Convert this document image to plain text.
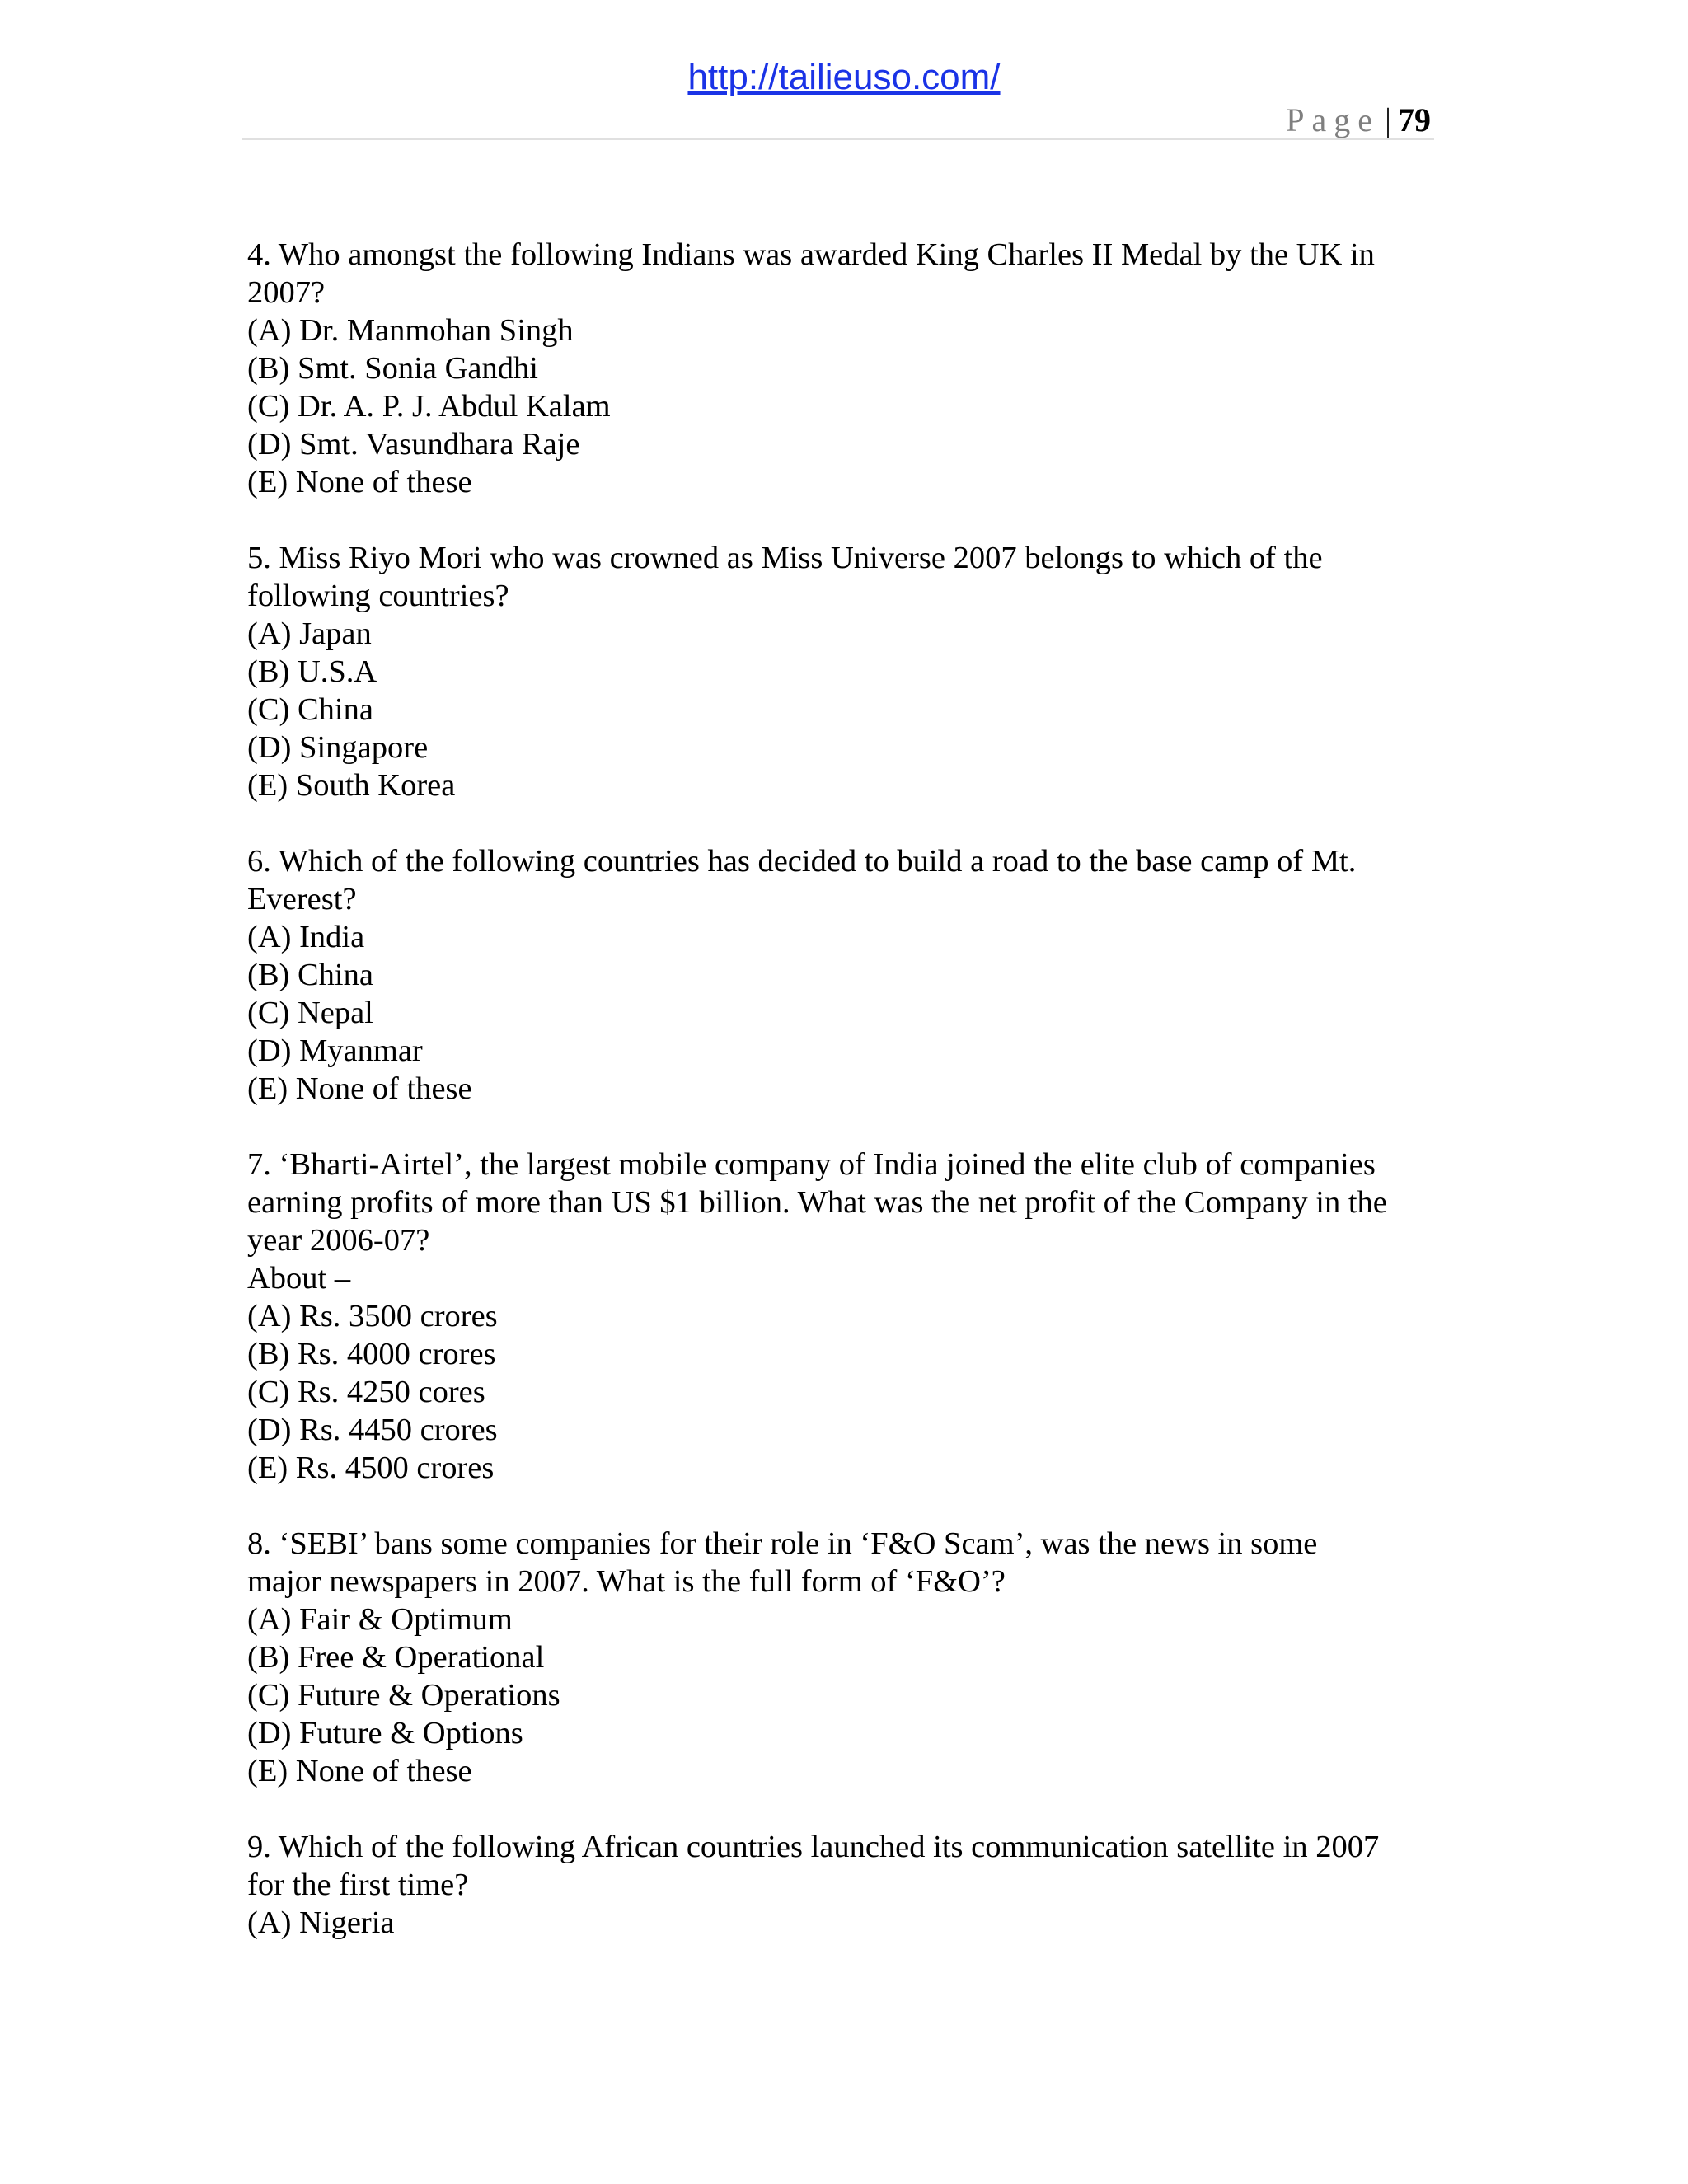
http://tailieuso.com/
Page | 79
4. Who amongst the following Indians was awarded King Charles II Medal by the UK in
2007?
(A) Dr. Manmohan Singh
(B) Smt. Sonia Gandhi
(C) Dr. A. P. J. Abdul Kalam
(D) Smt. Vasundhara Raje
(E) None of these
5. Miss Riyo Mori who was crowned as Miss Universe 2007 belongs to which of the
following countries?
(A) Japan
(B) U.S.A
(C) China
(D) Singapore
(E) South Korea
6. Which of the following countries has decided to build a road to the base camp of Mt.
Everest?
(A) India
(B) China
(C) Nepal
(D) Myanmar
(E) None of these
7. ‘Bharti-Airtel’, the largest mobile company of India joined the elite club of companies
earning profits of more than US $1 billion. What was the net profit of the Company in the
year 2006-07?
About –
(A) Rs. 3500 crores
(B) Rs. 4000 crores
(C) Rs. 4250 cores
(D) Rs. 4450 crores
(E) Rs. 4500 crores
8. ‘SEBI’ bans some companies for their role in ‘F&O Scam’, was the news in some
major newspapers in 2007. What is the full form of ‘F&O’?
(A) Fair & Optimum
(B) Free & Operational
(C) Future & Operations
(D) Future & Options
(E) None of these
9. Which of the following African countries launched its communication satellite in 2007
for the first time?
(A) Nigeria
